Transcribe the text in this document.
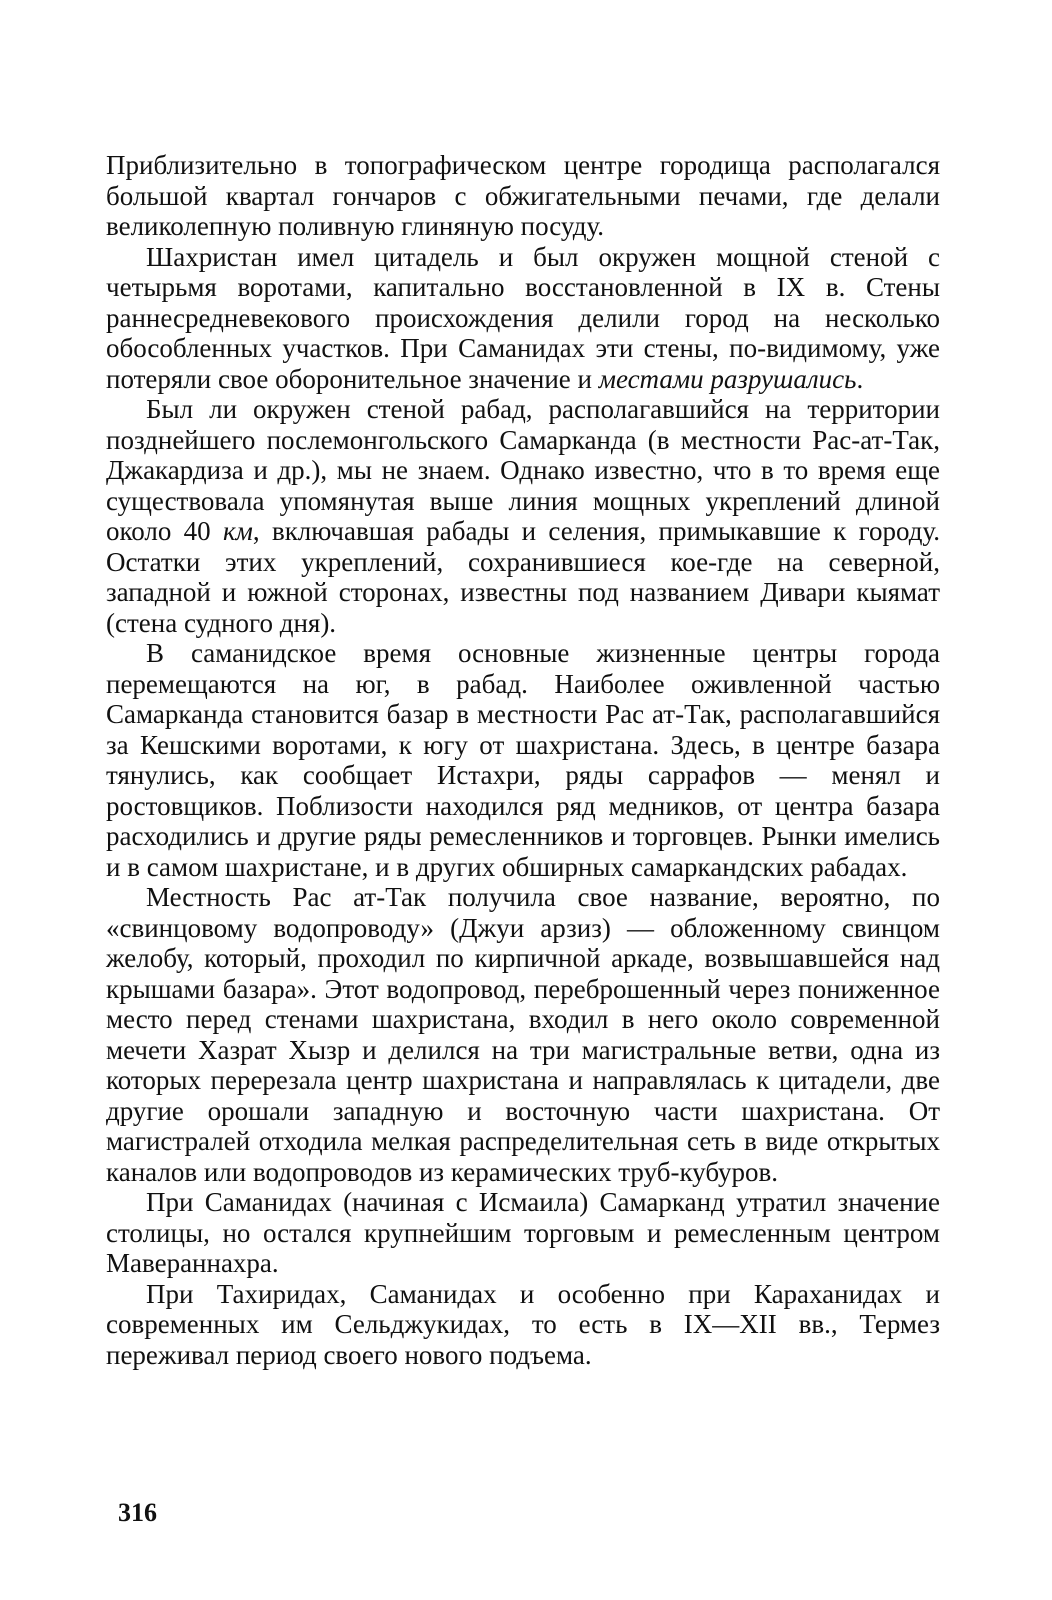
Приблизительно в топографическом центре городища располагался большой квартал гончаров с обжигательными печами, где делали великолепную поливную глиняную посуду.

Шахристан имел цитадель и был окружен мощной стеной с четырьмя воротами, капитально восстановленной в IX в. Стены раннесредневекового происхождения делили город на несколько обособленных участков. При Саманидах эти стены, по-видимому, уже потеряли свое оборонительное значение и местами разрушались.

Был ли окружен стеной рабад, располагавшийся на территории позднейшего послемонгольского Самарканда (в местности Рас-ат-Так, Джакардиза и др.), мы не знаем. Однако известно, что в то время еще существовала упомянутая выше линия мощных укреплений длиной около 40 км, включавшая рабады и селения, примыкавшие к городу. Остатки этих укреплений, сохранившиеся кое-где на северной, западной и южной сторонах, известны под названием Дивари кыямат (стена судного дня).

В саманидское время основные жизненные центры города перемещаются на юг, в рабад. Наиболее оживленной частью Самарканда становится базар в местности Рас ат-Так, располагавшийся за Кешскими воротами, к югу от шахристана. Здесь, в центре базара тянулись, как сообщает Истахри, ряды саррафов — менял и ростовщиков. Поблизости находился ряд медников, от центра базара расходились и другие ряды ремесленников и торговцев. Рынки имелись и в самом шахристане, и в других обширных самаркандских рабадах.

Местность Рас ат-Так получила свое название, вероятно, по «свинцовому водопроводу» (Джуи арзиз) — обложенному свинцом желобу, который, проходил по кирпичной аркаде, возвышавшейся над крышами базара». Этот водопровод, переброшенный через пониженное место перед стенами шахристана, входил в него около современной мечети Хазрат Хызр и делился на три магистральные ветви, одна из которых перерезала центр шахристана и направлялась к цитадели, две другие орошали западную и восточную части шахристана. От магистралей отходила мелкая распределительная сеть в виде открытых каналов или водопроводов из керамических труб-кубуров.

При Саманидах (начиная с Исмаила) Самарканд утратил значение столицы, но остался крупнейшим торговым и ремесленным центром Мавераннахра.

При Тахиридах, Саманидах и особенно при Караханидах и современных им Сельджукидах, то есть в IX—XII вв., Термез переживал период своего нового подъема.

316
